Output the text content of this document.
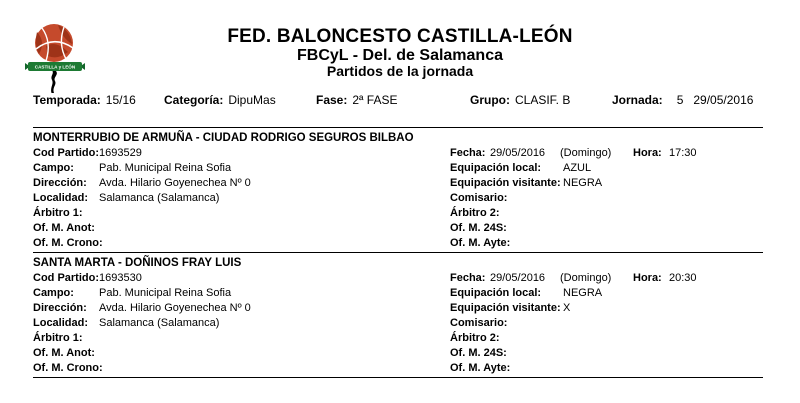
CASTILLA y LEÓN
FED. BALONCESTO CASTILLA-LEÓN
FBCyL - Del. de Salamanca
Partidos de la jornada
Temporada: 15/16 Categoría: DipuMas	Fase: 2ª FASE	Grupo: CLASIF. B	Jornada: 5 29/05/2016
MONTERRUBIO DE ARMUÑA - CIUDAD RODRIGO SEGUROS BILBAO
Cod Partido: 1693529
Campo:	Pab. Municipal Reina Sofia
Dirección:	Avda. Hilario Goyenechea Nº 0
Localidad: Salamanca (Salamanca)
Árbitro 1:
Of. M. Anot:
Of. M. Crono:
Fecha: 29/05/2016	(Domingo)	Hora: 17:30
Equipación local:	AZUL
Equipación visitante: NEGRA
Comisario:
Árbitro 2:
Of. M. 24S:
Of. M. Ayte:
SANTA MARTA - DOÑINOS FRAY LUIS
Cod Partido: 1693530
Campo:	Pab. Municipal Reina Sofia
Dirección:	Avda. Hilario Goyenechea Nº 0
Localidad: Salamanca (Salamanca)
Árbitro 1:
Of. M. Anot:
Of. M. Crono:
Fecha: 29/05/2016	(Domingo)	Hora: 20:30
Equipación local:	NEGRA
Equipación visitante: X
Comisario:
Árbitro 2:
Of. M. 24S:
Of. M. Ayte:
